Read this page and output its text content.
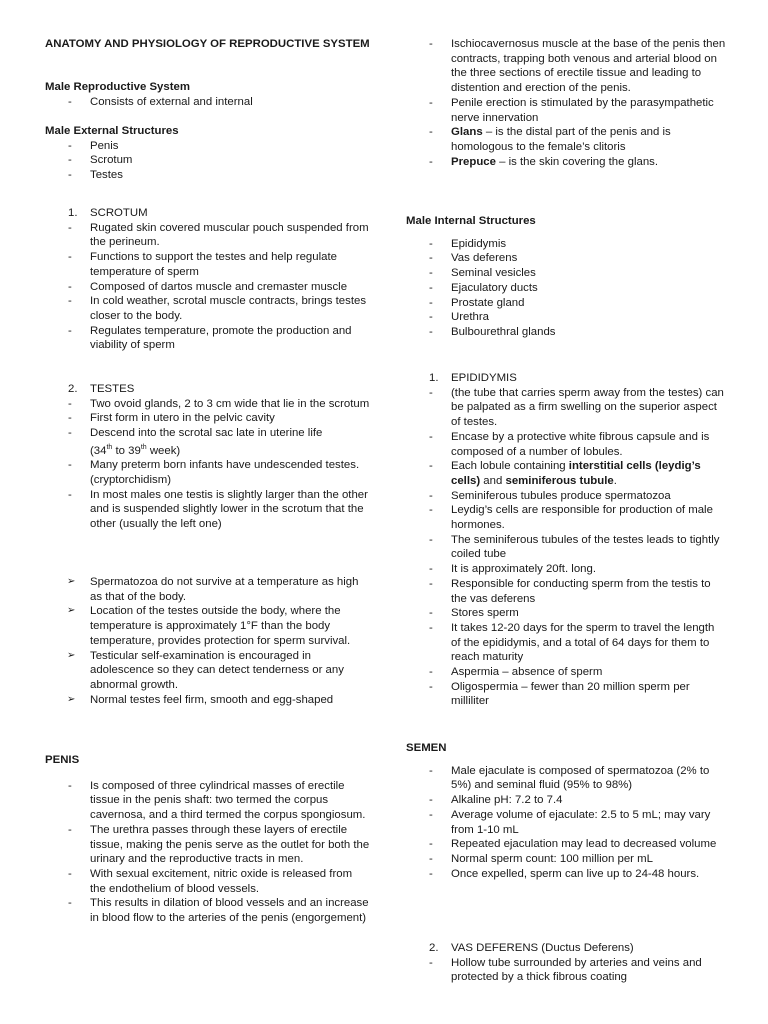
ANATOMY AND PHYSIOLOGY OF REPRODUCTIVE SYSTEM
Male Reproductive System
- Consists of external and internal
Male External Structures
- Penis
- Scrotum
- Testes
1. SCROTUM
- Rugated skin covered muscular pouch suspended from the perineum.
- Functions to support the testes and help regulate temperature of sperm
- Composed of dartos muscle and cremaster muscle
- In cold weather, scrotal muscle contracts, brings testes closer to the body.
- Regulates temperature, promote the production and viability of sperm
2. TESTES
- Two ovoid glands, 2 to 3 cm wide that lie in the scrotum
- First form in utero in the pelvic cavity
- Descend into the scrotal sac late in uterine life
(34th to 39th week)
- Many preterm born infants have undescended testes. (cryptorchidism)
- In most males one testis is slightly larger than the other and is suspended slightly lower in the scrotum that the other (usually the left one)
➢ Spermatozoa do not survive at a temperature as high as that of the body.
➢ Location of the testes outside the body, where the temperature is approximately 1°F than the body temperature, provides protection for sperm survival.
➢ Testicular self-examination is encouraged in adolescence so they can detect tenderness or any abnormal growth.
➢ Normal testes feel firm, smooth and egg-shaped
PENIS
- Is composed of three cylindrical masses of erectile tissue in the penis shaft: two termed the corpus cavernosa, and a third termed the corpus spongiosum.
- The urethra passes through these layers of erectile tissue, making the penis serve as the outlet for both the urinary and the reproductive tracts in men.
- With sexual excitement, nitric oxide is released from the endothelium of blood vessels.
- This results in dilation of blood vessels and an increase in blood flow to the arteries of the penis (engorgement)
- Ischiocavernosus muscle at the base of the penis then contracts, trapping both venous and arterial blood on the three sections of erectile tissue and leading to distention and erection of the penis.
- Penile erection is stimulated by the parasympathetic nerve innervation
- Glans – is the distal part of the penis and is homologous to the female’s clitoris
- Prepuce – is the skin covering the glans.
Male Internal Structures
- Epididymis
- Vas deferens
- Seminal vesicles
- Ejaculatory ducts
- Prostate gland
- Urethra
- Bulbourethral glands
1. EPIDIDYMIS
- (the tube that carries sperm away from the testes) can be palpated as a firm swelling on the superior aspect of testes.
- Encase by a protective white fibrous capsule and is composed of a number of lobules.
- Each lobule containing interstitial cells (leydig’s cells) and seminiferous tubule.
- Seminiferous tubules produce spermatozoa
- Leydig’s cells are responsible for production of male hormones.
- The seminiferous tubules of the testes leads to tightly coiled tube
- It is approximately 20ft. long.
- Responsible for conducting sperm from the testis to the vas deferens
- Stores sperm
- It takes 12-20 days for the sperm to travel the length of the epididymis, and a total of 64 days for them to reach maturity
- Aspermia – absence of sperm
- Oligospermia – fewer than 20 million sperm per milliliter
SEMEN
- Male ejaculate is composed of spermatozoa (2% to 5%) and seminal fluid (95% to 98%)
- Alkaline pH: 7.2 to 7.4
- Average volume of ejaculate: 2.5 to 5 mL; may vary from 1-10 mL
- Repeated ejaculation may lead to decreased volume
- Normal sperm count: 100 million per mL
- Once expelled, sperm can live up to 24-48 hours.
2. VAS DEFERENS (Ductus Deferens)
- Hollow tube surrounded by arteries and veins and protected by a thick fibrous coating
